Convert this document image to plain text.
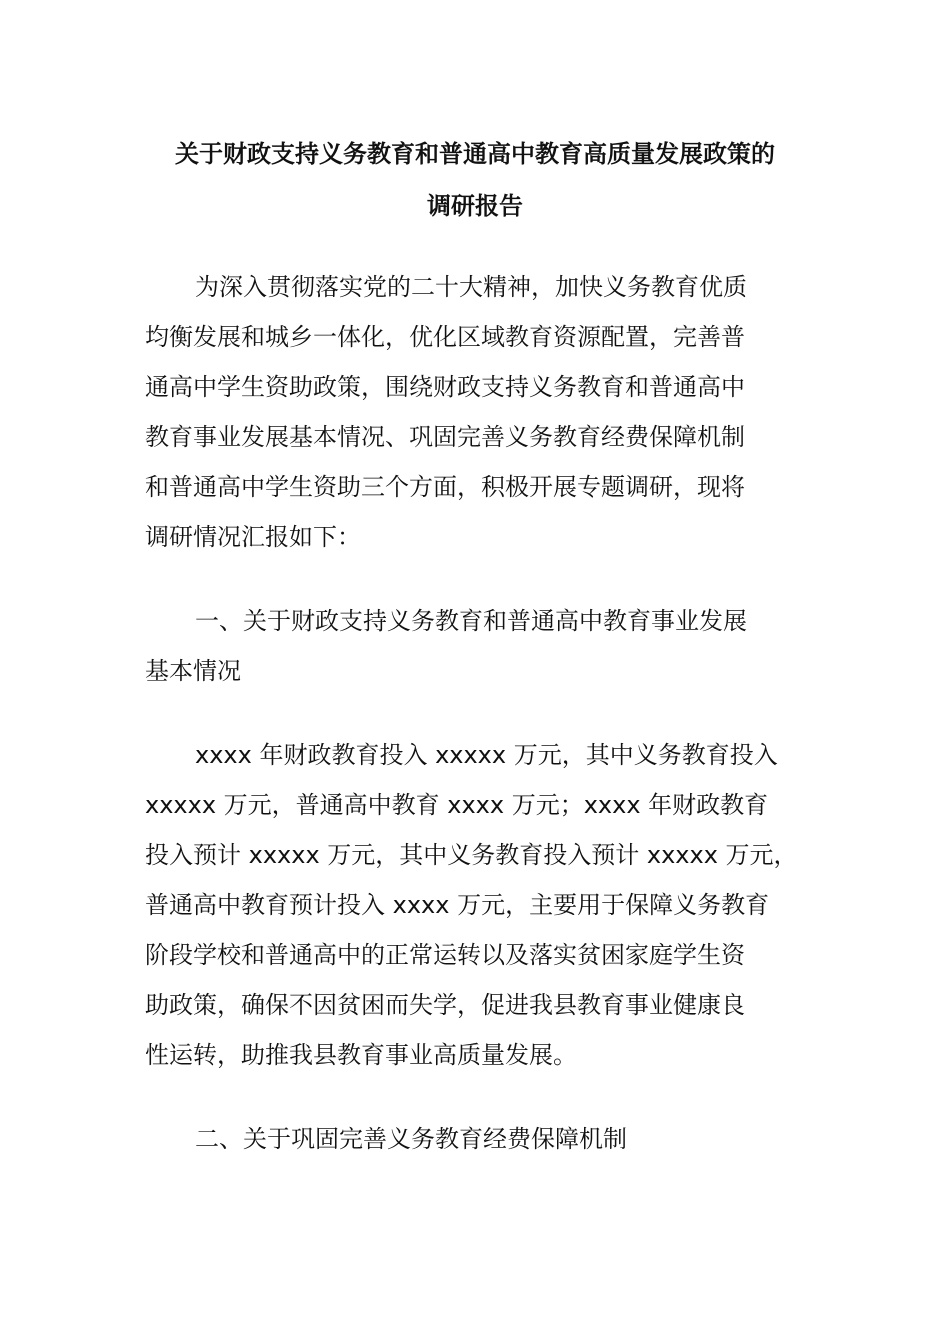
关于财政支持义务教育和普通高中教育高质量发展政策的
调研报告
为深入贯彻落实党的二十大精神，加快义务教育优质
均衡发展和城乡一体化，优化区域教育资源配置，完善普
通高中学生资助政策，围绕财政支持义务教育和普通高中
教育事业发展基本情况、巩固完善义务教育经费保障机制
和普通高中学生资助三个方面，积极开展专题调研，现将
调研情况汇报如下：
一、关于财政支持义务教育和普通高中教育事业发展
基本情况
xxxx 年财政教育投入 xxxxx 万元，其中义务教育投入
xxxxx 万元，普通高中教育 xxxx 万元；xxxx 年财政教育
投入预计 xxxxx 万元，其中义务教育投入预计 xxxxx 万元，
普通高中教育预计投入 xxxx 万元，主要用于保障义务教育
阶段学校和普通高中的正常运转以及落实贫困家庭学生资
助政策，确保不因贫困而失学，促进我县教育事业健康良
性运转，助推我县教育事业高质量发展。
二、关于巩固完善义务教育经费保障机制
